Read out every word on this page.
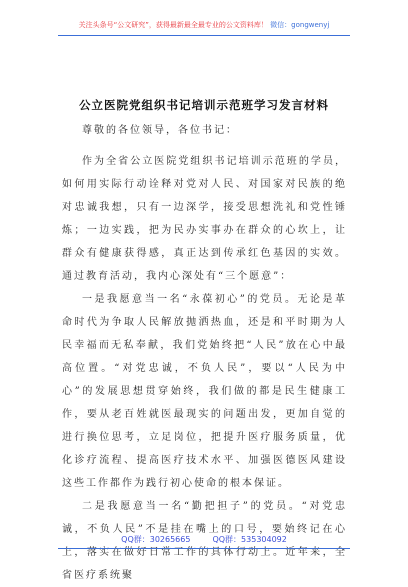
关注头条号“公文研究”，获得最新最全最专业的公文资料库！ 微信：gongwenyj
公立医院党组织书记培训示范班学习发言材料

尊敬的各位领导，各位书记：

作为全省公立医院党组织书记培训示范班的学员，如何用实际行动诠释对党对人民、对国家对民族的绝对忠诚我想，只有一边深学，接受思想洗礼和党性锤炼；一边实践，把为民办实事办在群众的心坎上，让群众有健康获得感，真正达到传承红色基因的实效。通过教育活动，我内心深处有“三个愿意”：

一是我愿意当一名“永葆初心”的党员。无论是革命时代为争取人民解放抛洒热血，还是和平时期为人民幸福而无私奉献，我们党始终把“人民”放在心中最高位置。“对党忠诚，不负人民”，要以“人民为中心”的发展思想贯穿始终，我们做的都是民生健康工作，要从老百姓就医最现实的问题出发，更加自觉的进行换位思考，立足岗位，把提升医疗服务质量，优化诊疗流程、提高医疗技术水平、加强医德医风建设这些工作都作为践行初心使命的根本保证。

二是我愿意当一名“勤把担子”的党员。“对党忠诚，不负人民”不是挂在嘴上的口号，要始终记在心上，落实在做好日常工作的具体行动上。近年来，全省医疗系统聚

QQ群：30265665	QQ群：535304092
